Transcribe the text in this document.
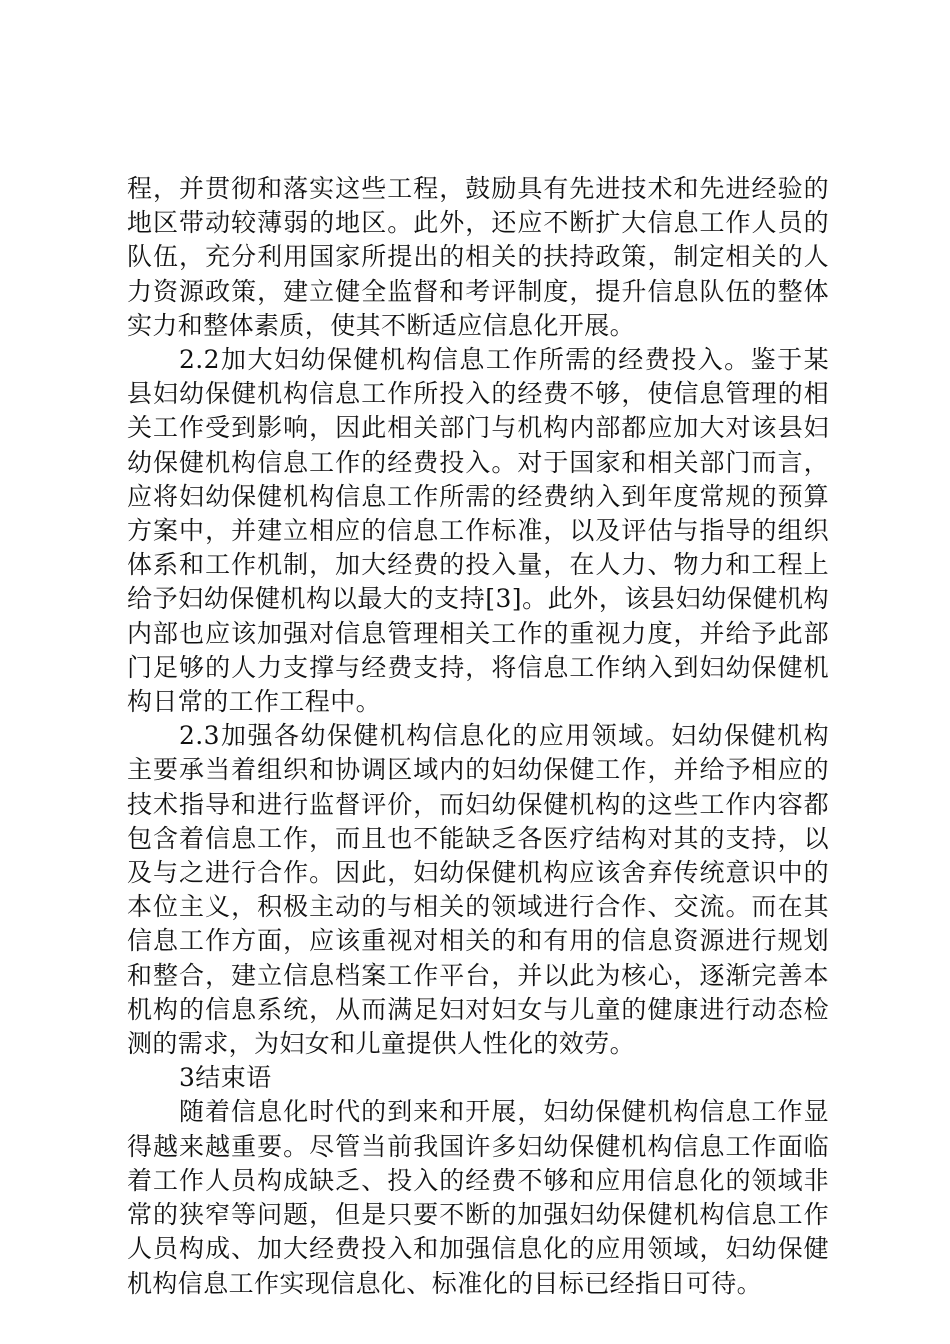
程，并贯彻和落实这些工程，鼓励具有先进技术和先进经验的地区带动较薄弱的地区。此外，还应不断扩大信息工作人员的队伍，充分利用国家所提出的相关的扶持政策，制定相关的人力资源政策，建立健全监督和考评制度，提升信息队伍的整体实力和整体素质，使其不断适应信息化开展。

2.2加大妇幼保健机构信息工作所需的经费投入。鉴于某县妇幼保健机构信息工作所投入的经费不够，使信息管理的相关工作受到影响，因此相关部门与机构内部都应加大对该县妇幼保健机构信息工作的经费投入。对于国家和相关部门而言，应将妇幼保健机构信息工作所需的经费纳入到年度常规的预算方案中，并建立相应的信息工作标准，以及评估与指导的组织体系和工作机制，加大经费的投入量，在人力、物力和工程上给予妇幼保健机构以最大的支持[3]。此外，该县妇幼保健机构内部也应该加强对信息管理相关工作的重视力度，并给予此部门足够的人力支撑与经费支持，将信息工作纳入到妇幼保健机构日常的工作工程中。

2.3加强各幼保健机构信息化的应用领域。妇幼保健机构主要承当着组织和协调区域内的妇幼保健工作，并给予相应的技术指导和进行监督评价，而妇幼保健机构的这些工作内容都包含着信息工作，而且也不能缺乏各医疗结构对其的支持，以及与之进行合作。因此，妇幼保健机构应该舍弃传统意识中的本位主义，积极主动的与相关的领域进行合作、交流。而在其信息工作方面，应该重视对相关的和有用的信息资源进行规划和整合，建立信息档案工作平台，并以此为核心，逐渐完善本机构的信息系统，从而满足妇对妇女与儿童的健康进行动态检测的需求，为妇女和儿童提供人性化的效劳。

3结束语

随着信息化时代的到来和开展，妇幼保健机构信息工作显得越来越重要。尽管当前我国许多妇幼保健机构信息工作面临着工作人员构成缺乏、投入的经费不够和应用信息化的领域非常的狭窄等问题，但是只要不断的加强妇幼保健机构信息工作人员构成、加大经费投入和加强信息化的应用领域，妇幼保健机构信息工作实现信息化、标准化的目标已经指日可待。
